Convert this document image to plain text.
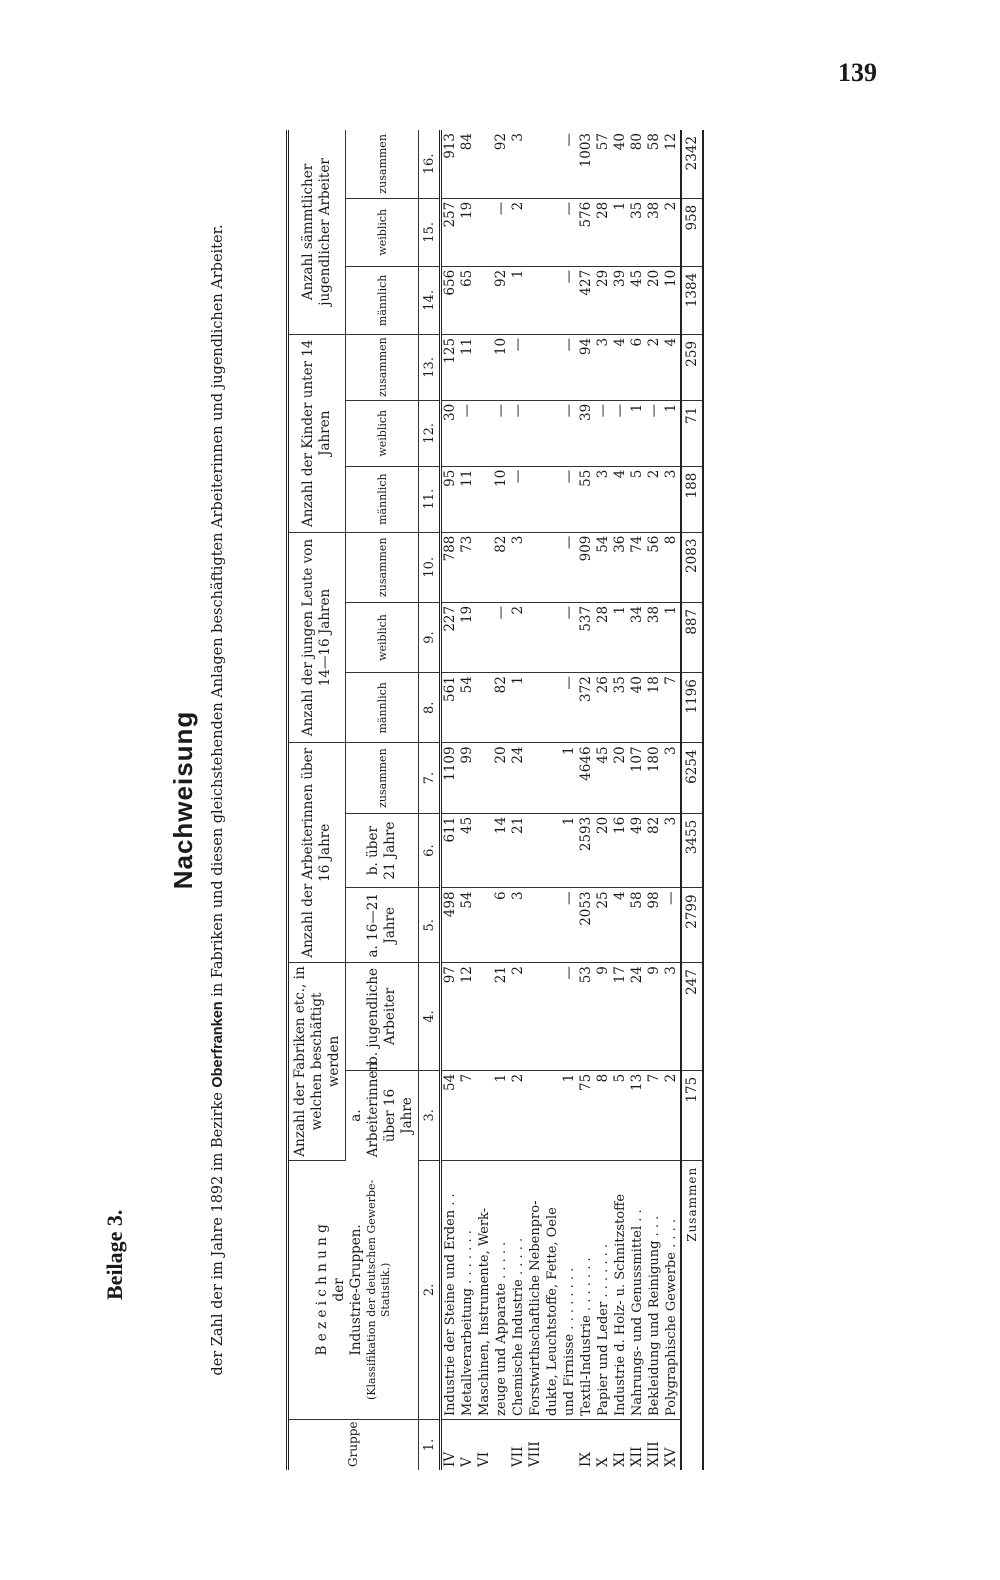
139
Beilage 3.
Nachweisung
der Zahl der im Jahre 1892 im Bezirke Oberfranken in Fabriken und diesen gleichstehenden Anlagen beschäftigten Arbeiterinnen und jugendlichen Arbeiter.
Gruppe	B e z e i c h n u n g der Industrie-Gruppen. (Klassifikation der deutschen Gewerbe-Statistik.)	Anzahl der Fabriken etc., in welchen beschäftigt werden		Anzahl der Arbeiterinnen über 16 Jahre			Anzahl der jungen Leute von 14—16 Jahren			Anzahl der Kinder unter 14 Jahren			Anzahl sämmtlicher jugendlicher Arbeiter		
		a. Arbeiterinnen über 16 Jahre	b. jugendliche Arbeiter	a. 16—21 Jahre	b. über 21 Jahre	zusammen	männlich	weiblich	zusammen	männlich	weiblich	zusammen	männlich	weiblich	zusammen
1.	2.	3.	4.	5.	6.	7.	8.	9.	10.	11.	12.	13.	14.	15.	16.
IV	Industrie der Steine und Erden . .	54	97	498	611	1109	561	227	788	95	30	125	656	257	913
V	Metallverarbeitung . . . . . . .	7	12	54	45	99	54	19	73	11	—	11	65	19	84
VI	Maschinen, Instrumente, Werk-														
	zeuge und Apparate . . . . .	1	21	6	14	20	82	—	82	10	—	10	92	—	92
VII	Chemische Industrie . . . . .	2	2	3	21	24	1	2	3	—	—	—	1	2	3
VIII	Forstwirthschaftliche Nebenpro-														
	dukte, Leuchtstoffe, Fette, Oele														
	und Firnisse . . . . . . . .	1	—	—	1	1	—	—	—	—	—	—	—	—	—
IX	Textil-Industrie . . . . . . .	75	53	2053	2593	4646	372	537	909	55	39	94	427	576	1003
X	Papier und Leder . . . . . . .	8	9	25	20	45	26	28	54	3	—	3	29	28	57
XI	Industrie d. Holz- u. Schnitzstoffe	5	17	4	16	20	35	1	36	4	—	4	39	1	40
XII	Nahrungs- und Genussmittel . .	13	24	58	49	107	40	34	74	5	1	6	45	35	80
XIII	Bekleidung und Reinigung . . .	7	9	98	82	180	18	38	56	2	—	2	20	38	58
XV	Polygraphische Gewerbe . . . .	2	3	—	3	3	7	1	8	3	1	4	10	2	12
Zusammen		175	247	2799	3455	6254	1196	887	2083	188	71	259	1384	958	2342
